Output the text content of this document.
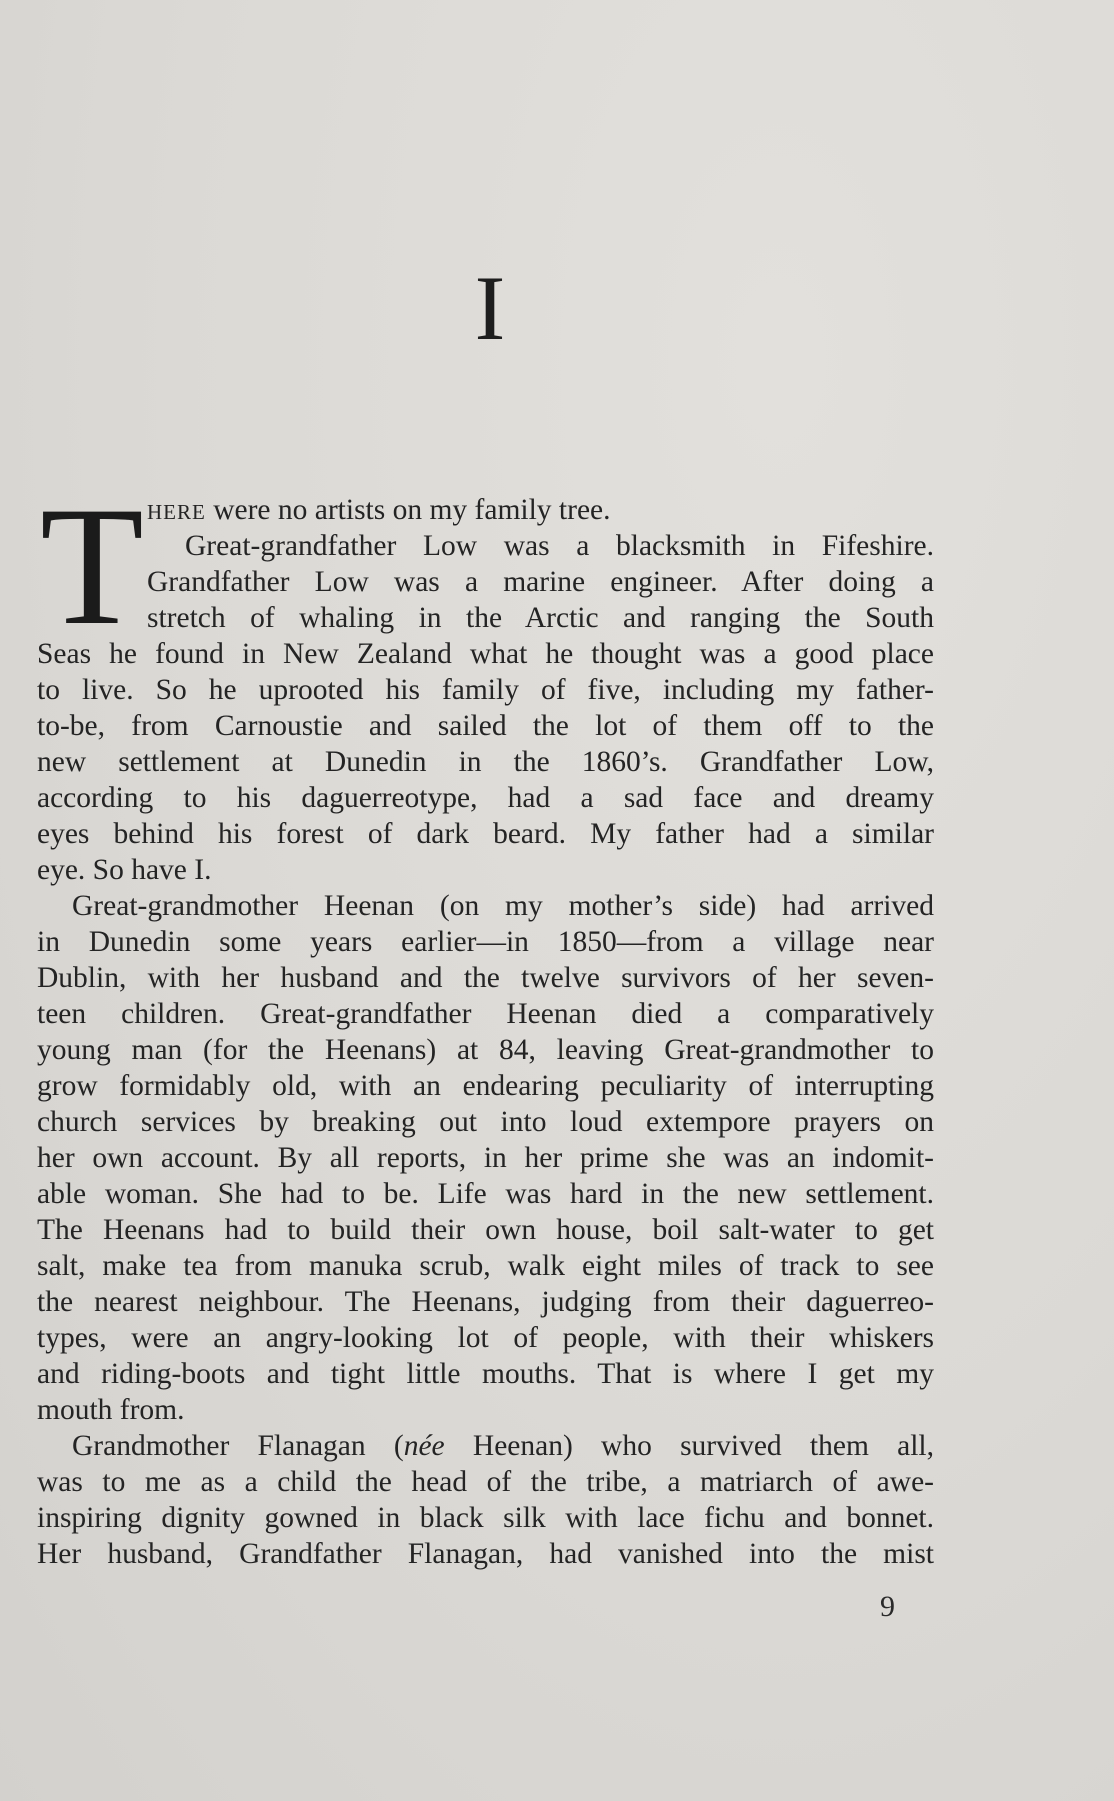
I
T here were no artists on my family tree.
Great-grandfather Low was a blacksmith in Fifeshire.
Grandfather Low was a marine engineer. After doing a
stretch of whaling in the Arctic and ranging the South
Seas he found in New Zealand what he thought was a good place
to live. So he uprooted his family of five, including my father-
to-be, from Carnoustie and sailed the lot of them off to the
new settlement at Dunedin in the 1860’s. Grandfather Low,
according to his daguerreotype, had a sad face and dreamy
eyes behind his forest of dark beard. My father had a similar
eye. So have I.
Great-grandmother Heenan (on my mother’s side) had arrived
in Dunedin some years earlier—in 1850—from a village near
Dublin, with her husband and the twelve survivors of her seven-
teen children. Great-grandfather Heenan died a comparatively
young man (for the Heenans) at 84, leaving Great-grandmother to
grow formidably old, with an endearing peculiarity of interrupting
church services by breaking out into loud extempore prayers on
her own account. By all reports, in her prime she was an indomit-
able woman. She had to be. Life was hard in the new settlement.
The Heenans had to build their own house, boil salt-water to get
salt, make tea from manuka scrub, walk eight miles of track to see
the nearest neighbour. The Heenans, judging from their daguerreo-
types, were an angry-looking lot of people, with their whiskers
and riding-boots and tight little mouths. That is where I get my
mouth from.
Grandmother Flanagan (née Heenan) who survived them all,
was to me as a child the head of the tribe, a matriarch of awe-
inspiring dignity gowned in black silk with lace fichu and bonnet.
Her husband, Grandfather Flanagan, had vanished into the mist
9
